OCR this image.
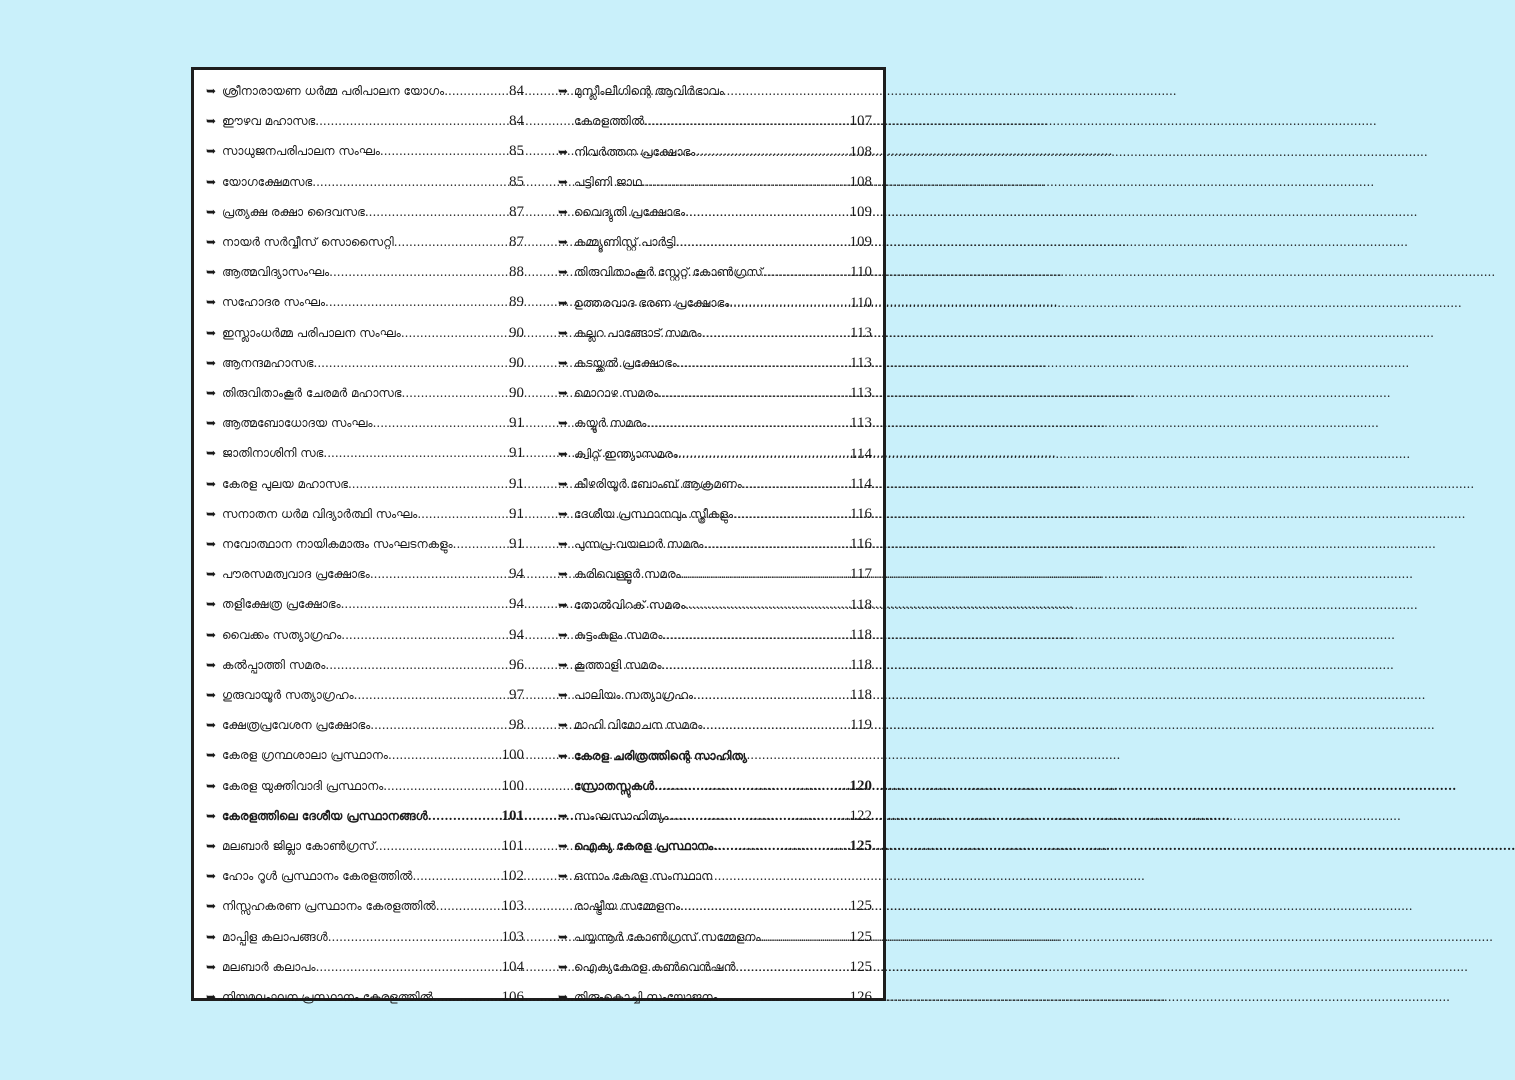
➥ ശ്രീനാരായണ ധർമ്മ പരിപാലന യോഗം .....	84
➥ ഈഴവ മഹാസഭ .....	84
➥ സാധുജനപരിപാലന സംഘം .....	85
➥ യോഗക്ഷേമസഭ .....	85
➥ പ്രത്യക്ഷ രക്ഷാ ദൈവസഭ .....	87
➥ നായർ സർവ്വീസ് സൊസൈറ്റി .....	87
➥ ആത്മവിദ്യാസംഘം .....	88
➥ സഹോദര സംഘം .....	89
➥ ഇസ്ലാംധർമ്മ പരിപാലന സംഘം .....	90
➥ ആനന്ദമഹാസഭ .....	90
➥ തിരുവിതാംകൂർ ചേരമർ മഹാസഭ .....	90
➥ ആത്മബോധോദയ സംഘം .....	91
➥ ജാതിനാശിനി സഭ .....	91
➥ കേരള പുലയ മഹാസഭ .....	91
➥ സനാതന ധർമ വിദ്യാർത്ഥി സംഘം .....	91
➥ നവോത്ഥാന നായികമാരും സംഘടനകളും .....	91
➥ പൗരസമത്വവാദ പ്രക്ഷോഭം .....	94
➥ തളിക്ഷേത്ര പ്രക്ഷോഭം .....	94
➥ വൈക്കം സത്യാഗ്രഹം .....	94
➥ കൽപ്പാത്തി സമരം .....	96
➥ ഗുരുവായൂർ സത്യാഗ്രഹം .....	97
➥ ക്ഷേത്രപ്രവേശന പ്രക്ഷോഭം .....	98
➥ കേരള ഗ്രന്ഥശാലാ പ്രസ്ഥാനം .....	100
➥ കേരള യുക്തിവാദി പ്രസ്ഥാനം .....	100
➥ കേരളത്തിലെ ദേശീയ പ്രസ്ഥാനങ്ങൾ .....	101
➥ മലബാർ ജില്ലാ കോൺഗ്രസ് .....	101
➥ ഹോം റൂൾ പ്രസ്ഥാനം കേരളത്തിൽ .....	102
➥ നിസ്സഹകരണ പ്രസ്ഥാനം കേരളത്തിൽ .....	103
➥ മാപ്പിള കലാപങ്ങൾ .....	103
➥ മലബാർ കലാപം .....	104
➥ നിയമലംഘന പ്രസ്ഥാനം കേരളത്തിൽ .....	106
➥ മുസ്ലീംലീഗിന്റെ ആവിർഭാവം
കേരളത്തിൽ .....	107
➥ നിവർത്തന പ്രക്ഷോഭം .....	108
➥ പട്ടിണി ജാഥ .....	108
➥ വൈദ്യുതി പ്രക്ഷോഭം .....	109
➥ കമ്മ്യൂണിസ്റ്റ് പാർട്ടി .....	109
➥ തിരുവിതാംകൂർ സ്റ്റേറ്റ് കോൺഗ്രസ് .....	110
➥ ഉത്തരവാദ ഭരണ പ്രക്ഷോഭം .....	110
➥ കല്ലറ പാങ്ങോട് സമരം .....	113
➥ കടയ്ക്കൽ പ്രക്ഷോഭം .....	113
➥ മൊറാഴ സമരം .....	113
➥ കയ്യൂർ സമരം .....	113
➥ ക്വിറ്റ് ഇന്ത്യാസമരം .....	114
➥ കീഴരിയൂർ ബോംബ് ആക്രമണം .....	114
➥ ദേശീയ പ്രസ്ഥാനവും സ്ത്രീകളും .....	116
➥ പുന്നപ്ര-വയലാർ സമരം .....	116
➥ കരിവെള്ളൂർ സമരം .....	117
➥ തോൽവിറക് സമരം .....	118
➥ കുട്ടംകുളം സമരം .....	118
➥ കൂത്താളി സമരം .....	118
➥ പാലിയം സത്യാഗ്രഹം .....	118
➥ മാഹി വിമോചന സമരം .....	119
➥ കേരള ചരിത്രത്തിന്റെ സാഹിത്യ
സ്രോതസ്സുകൾ .....	120
➥ സംഘസാഹിത്യം .....	122
➥ ഐക്യ കേരള പ്രസ്ഥാനം .....	125
➥ ഒന്നാം കേരള സംസ്ഥാന
രാഷ്ട്രീയ സമ്മേളനം .....	125
➥ പയ്യന്നൂർ കോൺഗ്രസ് സമ്മേളനം .....	125
➥ ഐക്യകേരള കൺവെൻഷൻ .....	125
➥ തിരു-കൊച്ചി സംയോജനം .....	126
